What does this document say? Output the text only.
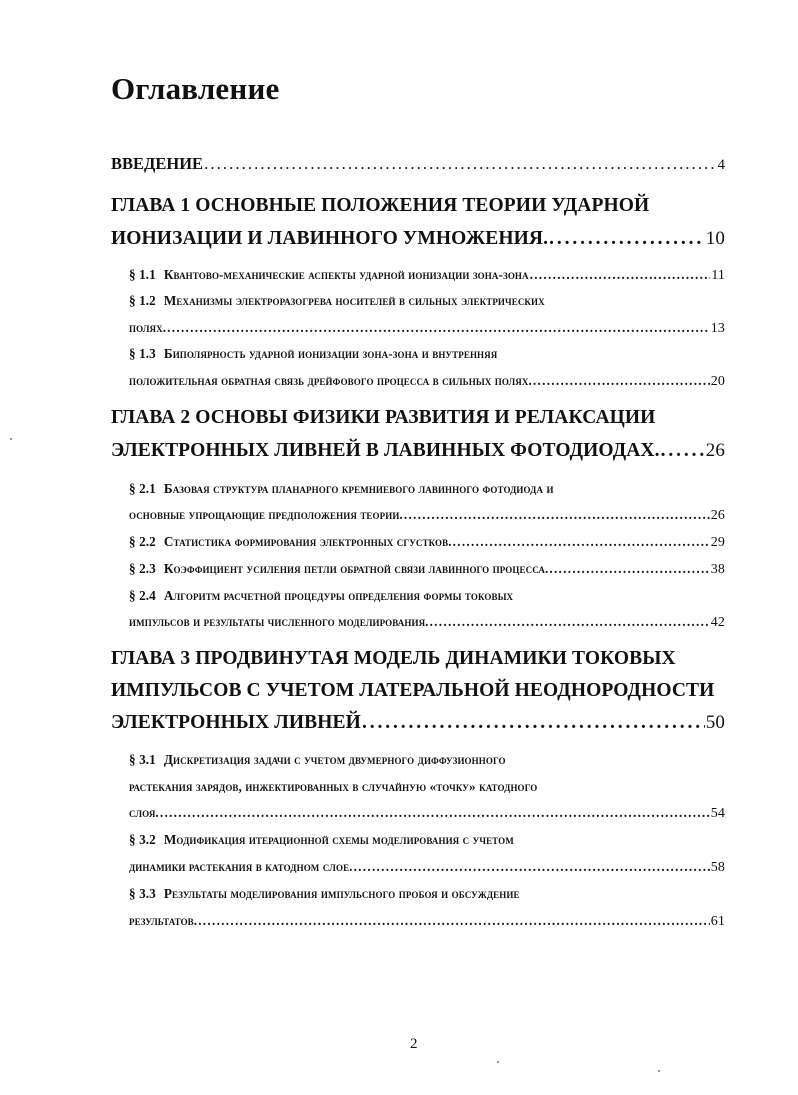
Оглавление
ВВЕДЕНИЕ . . .	4
ГЛАВА 1 ОСНОВНЫЕ ПОЛОЖЕНИЯ ТЕОРИИ УДАРНОЙ
ИОНИЗАЦИИ И ЛАВИННОГО УМНОЖЕНИЯ. . . .	10
§ 1.1 Квантово-механические аспекты ударной ионизации зона-зона . . .	11
§ 1.2 Механизмы электроразогрева носителей в сильных электрических
полях. . . .	13
§ 1.3 Биполярность ударной ионизации зона-зона и внутренняя
положительная обратная связь дрейфового процесса в сильных полях. . . .	20
ГЛАВА 2 ОСНОВЫ ФИЗИКИ РАЗВИТИЯ И РЕЛАКСАЦИИ
ЭЛЕКТРОННЫХ ЛИВНЕЙ В ЛАВИННЫХ ФОТОДИОДАХ. . . . 26
§ 2.1 Базовая структура планарного кремниевого лавинного фотодиода и
основные упрощающие предположения теории. . . .	26
§ 2.2 Статистика формирования электронных сгустков. . . .	29
§ 2.3 Коэффициент усиления петли обратной связи лавинного процесса. . . .	38
§ 2.4 Алгоритм расчетной процедуры определения формы токовых
импульсов и результаты численного моделирования. . . .	42
ГЛАВА 3 ПРОДВИНУТАЯ МОДЕЛЬ ДИНАМИКИ ТОКОВЫХ
ИМПУЛЬСОВ С УЧЕТОМ ЛАТЕРАЛЬНОЙ НЕОДНОРОДНОСТИ
ЭЛЕКТРОННЫХ ЛИВНЕЙ . . .	50
§ 3.1 Дискретизация задачи с учетом двумерного диффузионного
растекания зарядов, инжектированных в случайную «точку» катодного
слоя. . . .	54
§ 3.2 Модификация итерационной схемы моделирования с учетом
динамики растекания в катодном слое. . . .	58
§ 3.3 Результаты моделирования импульсного пробоя и обсуждение
результатов. . . .	61
2
